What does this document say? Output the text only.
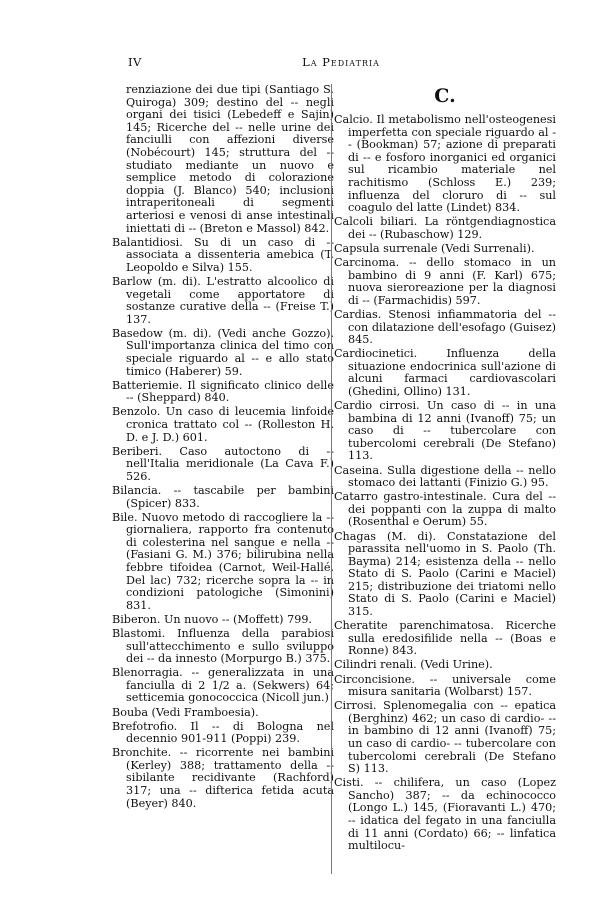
IV	La Pediatria

renziazione dei due tipi (Santiago S. Quiroga) 309; destino del -- negli organi dei tisici (Lebedeff e Sajin) 145; Ricerche del -- nelle urine dei fanciulli con affezioni diverse (Nobécourt) 145; struttura del -- studiato mediante un nuovo e semplice metodo di colorazione doppia (J. Blanco) 540; inclusioni intraperitoneali di segmenti arteriosi e venosi di anse intestinali iniettati di -- (Breton e Massol) 842.

Balantidiosi. Su di un caso di -- associata a dissenteria amebica (T. Leopoldo e Silva) 155.

Barlow (m. di). L'estratto alcoolico di vegetali come apportatore di sostanze curative della -- (Freise T.) 137.

Basedow (m. di). (Vedi anche Gozzo). Sull'importanza clinica del timo con speciale riguardo al -- e allo stato timico (Haberer) 59.

Batteriemie. Il significato clinico delle -- (Sheppard) 840.

Benzolo. Un caso di leucemia linfoide cronica trattato col -- (Rolleston H. D. e J. D.) 601.

Beriberi. Caso autoctono di -- nell'Italia meridionale (La Cava F.) 526.

Bilancia. -- tascabile per bambini (Spicer) 833.

Bile. Nuovo metodo di raccogliere la -- giornaliera, rapporto fra contenuto di colesterina nel sangue e nella -- (Fasiani G. M.) 376; bilirubina nella febbre tifoidea (Carnot, Weil-Hallé, Del lac) 732; ricerche sopra la -- in condizioni patologiche (Simonini) 831.

Biberon. Un nuovo -- (Moffett) 799.

Blastomi. Influenza della parabiosi sull'attecchimento e sullo sviluppo dei -- da innesto (Morpurgo B.) 375.

Blenorragia. -- generalizzata in una fanciulla di 2 1/2 a. (Sekwers) 64; setticemia gonococcica (Nicoll jun.)

Bouba (Vedi Framboesia).

Brefotrofio. Il -- di Bologna nel decennio 901-911 (Poppi) 239.

Bronchite. -- ricorrente nei bambini (Kerley) 388; trattamento della -- sibilante recidivante (Rachford) 317; una -- difterica fetida acuta (Beyer) 840.

C.

Calcio. Il metabolismo nell'osteogenesi imperfetta con speciale riguardo al -- (Bookman) 57; azione di preparati di -- e fosforo inorganici ed organici sul ricambio materiale nel rachitismo (Schloss E.) 239; influenza del cloruro di -- sul coagulo del latte (Lindet) 834.

Calcoli biliari. La röntgendiagnostica dei -- (Rubaschow) 129.

Capsula surrenale (Vedi Surrenali).

Carcinoma. -- dello stomaco in un bambino di 9 anni (F. Karl) 675; nuova sieroreazione per la diagnosi di -- (Farmachidis) 597.

Cardias. Stenosi infiammatoria del -- con dilatazione dell'esofago (Guisez) 845.

Cardiocinetici. Influenza della situazione endocrinica sull'azione di alcuni farmaci cardiovascolari (Ghedini, Ollino) 131.

Cardio cirrosi. Un caso di -- in una bambina di 12 anni (Ivanoff) 75; un caso di -- tubercolare con tubercolomi cerebrali (De Stefano) 113.

Caseina. Sulla digestione della -- nello stomaco dei lattanti (Finizio G.) 95.

Catarro gastro-intestinale. Cura del -- dei poppanti con la zuppa di malto (Rosenthal e Oerum) 55.

Chagas (M. di). Constatazione del parassita nell'uomo in S. Paolo (Th. Bayma) 214; esistenza della -- nello Stato di S. Paolo (Carini e Maciel) 215; distribuzione dei triatomi nello Stato di S. Paolo (Carini e Maciel) 315.

Cheratite parenchimatosa. Ricerche sulla eredosifilide nella -- (Boas e Ronne) 843.

Cilindri renali. (Vedi Urine).

Circoncisione. -- universale come misura sanitaria (Wolbarst) 157.

Cirrosi. Splenomegalia con -- epatica (Berghinz) 462; un caso di cardio- -- in bambino di 12 anni (Ivanoff) 75; un caso di cardio- -- tubercolare con tubercolomi cerebrali (De Stefano S) 113.

Cisti. -- chilifera, un caso (Lopez Sancho) 387; -- da echinococco (Longo L.) 145, (Fioravanti L.) 470; -- idatica del fegato in una fanciulla di 11 anni (Cordato) 66; -- linfatica multilocu-
